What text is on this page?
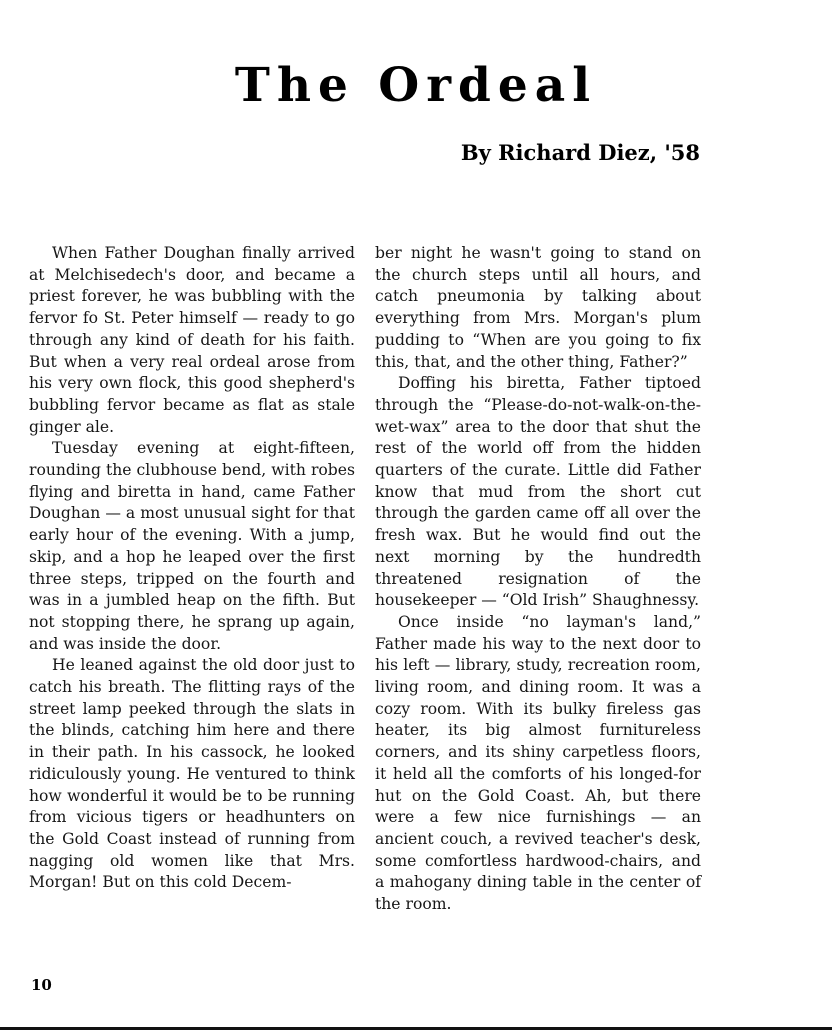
The Ordeal
By Richard Diez, '58

When Father Doughan finally arrived at Melchisedech's door, and became a priest forever, he was bubbling with the fervor fo St. Peter himself — ready to go through any kind of death for his faith. But when a very real ordeal arose from his very own flock, this good shepherd's bubbling fervor became as flat as stale ginger ale.

Tuesday evening at eight-fifteen, rounding the clubhouse bend, with robes flying and biretta in hand, came Father Doughan — a most unusual sight for that early hour of the evening. With a jump, skip, and a hop he leaped over the first three steps, tripped on the fourth and was in a jumbled heap on the fifth. But not stopping there, he sprang up again, and was inside the door.

He leaned against the old door just to catch his breath. The flitting rays of the street lamp peeked through the slats in the blinds, catching him here and there in their path. In his cassock, he looked ridiculously young. He ventured to think how wonderful it would be to be running from vicious tigers or headhunters on the Gold Coast instead of running from nagging old women like that Mrs. Morgan! But on this cold Decem-

ber night he wasn't going to stand on the church steps until all hours, and catch pneumonia by talking about everything from Mrs. Morgan's plum pudding to “When are you going to fix this, that, and the other thing, Father?”

Doffing his biretta, Father tiptoed through the “Please-do-not-walk-on-the-wet-wax” area to the door that shut the rest of the world off from the hidden quarters of the curate. Little did Father know that mud from the short cut through the garden came off all over the fresh wax. But he would find out the next morning by the hundredth threatened resignation of the housekeeper — “Old Irish” Shaughnessy.

Once inside “no layman's land,” Father made his way to the next door to his left — library, study, recreation room, living room, and dining room. It was a cozy room. With its bulky fireless gas heater, its big almost furnitureless corners, and its shiny carpetless floors, it held all the comforts of his longed-for hut on the Gold Coast. Ah, but there were a few nice furnishings — an ancient couch, a revived teacher's desk, some comfortless hardwood-chairs, and a mahogany dining table in the center of the room.

10
